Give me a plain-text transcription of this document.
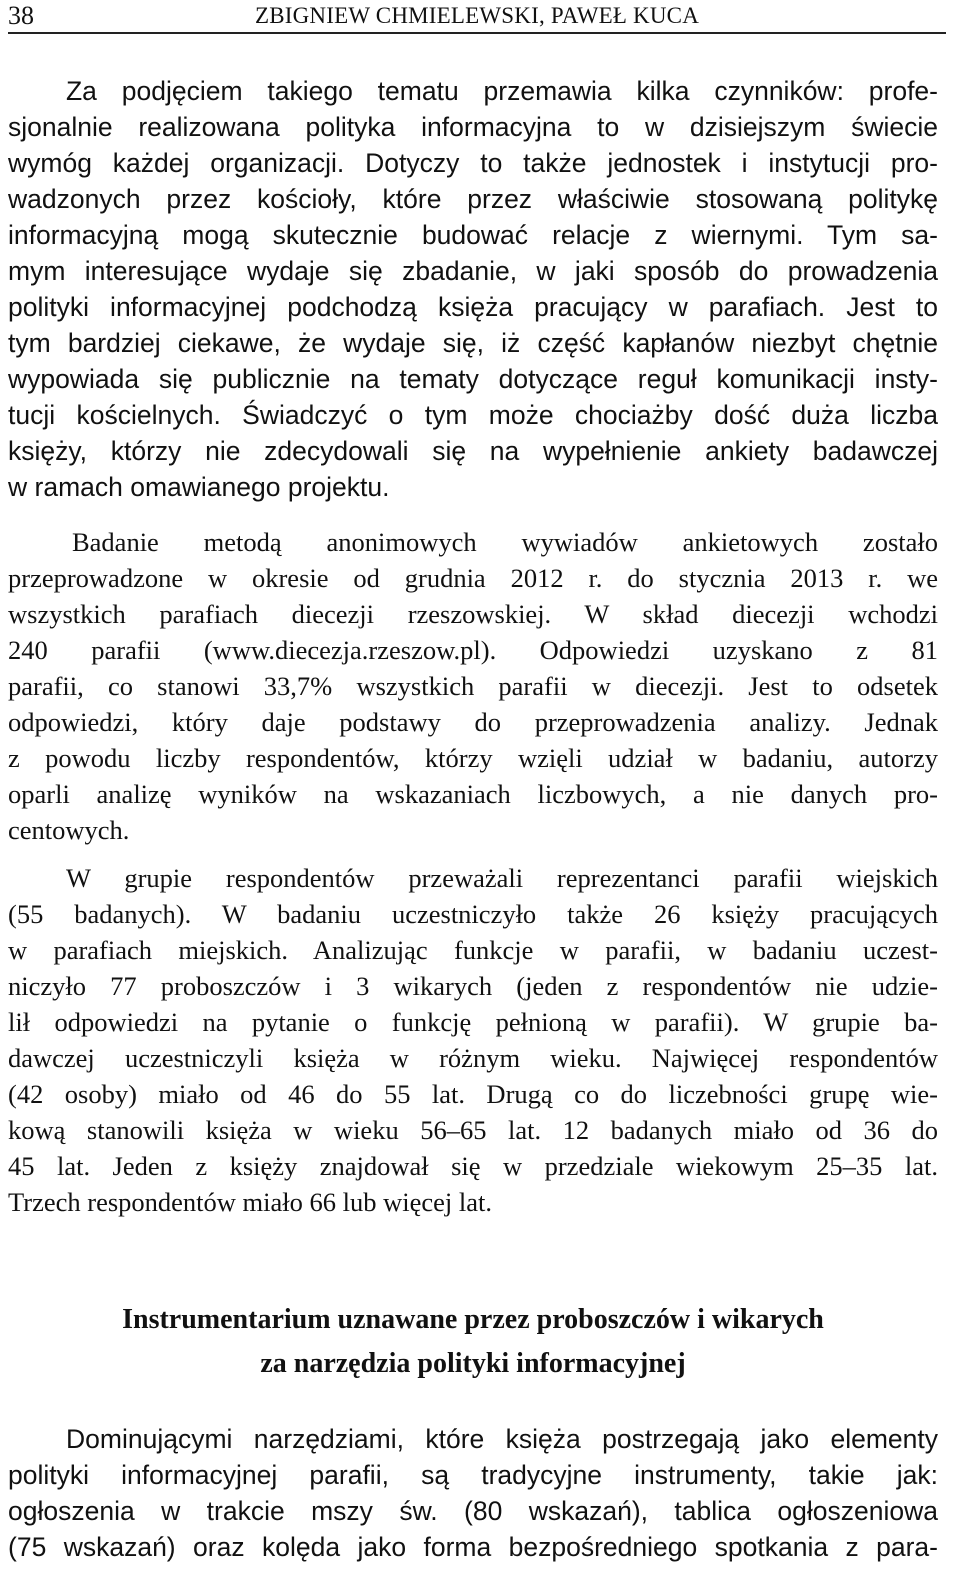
38	ZBIGNIEW CHMIELEWSKI, PAWEŁ KUCA
Za podjęciem takiego tematu przemawia kilka czynników: profe-
sjonalnie realizowana polityka informacyjna to w dzisiejszym świecie
wymóg każdej organizacji. Dotyczy to także jednostek i instytucji pro-
wadzonych przez kościoły, które przez właściwie stosowaną politykę
informacyjną mogą skutecznie budować relacje z wiernymi. Tym sa-
mym interesujące wydaje się zbadanie, w jaki sposób do prowadzenia
polityki informacyjnej podchodzą księża pracujący w parafiach. Jest to
tym bardziej ciekawe, że wydaje się, iż część kapłanów niezbyt chętnie
wypowiada się publicznie na tematy dotyczące reguł komunikacji insty-
tucji kościelnych. Świadczyć o tym może chociażby dość duża liczba
księży, którzy nie zdecydowali się na wypełnienie ankiety badawczej
w ramach omawianego projektu.
Badanie metodą anonimowych wywiadów ankietowych zostało
przeprowadzone w okresie od grudnia 2012 r. do stycznia 2013 r. we
wszystkich parafiach diecezji rzeszowskiej. W skład diecezji wchodzi
240 parafii (www.diecezja.rzeszow.pl). Odpowiedzi uzyskano z 81
parafii, co stanowi 33,7% wszystkich parafii w diecezji. Jest to odsetek
odpowiedzi, który daje podstawy do przeprowadzenia analizy. Jednak
z powodu liczby respondentów, którzy wzięli udział w badaniu, autorzy
oparli analizę wyników na wskazaniach liczbowych, a nie danych pro-
centowych.
W grupie respondentów przeważali reprezentanci parafii wiejskich
(55 badanych). W badaniu uczestniczyło także 26 księży pracujących
w parafiach miejskich. Analizując funkcje w parafii, w badaniu uczest-
niczyło 77 proboszczów i 3 wikarych (jeden z respondentów nie udzie-
lił odpowiedzi na pytanie o funkcję pełnioną w parafii). W grupie ba-
dawczej uczestniczyli księża w różnym wieku. Najwięcej respondentów
(42 osoby) miało od 46 do 55 lat. Drugą co do liczebności grupę wie-
kową stanowili księża w wieku 56–65 lat. 12 badanych miało od 36 do
45 lat. Jeden z księży znajdował się w przedziale wiekowym 25–35 lat.
Trzech respondentów miało 66 lub więcej lat.
Instrumentarium uznawane przez proboszczów i wikarych
za narzędzia polityki informacyjnej
Dominującymi narzędziami, które księża postrzegają jako elementy
polityki informacyjnej parafii, są tradycyjne instrumenty, takie jak:
ogłoszenia w trakcie mszy św. (80 wskazań), tablica ogłoszeniowa
(75 wskazań) oraz kolęda jako forma bezpośredniego spotkania z para-
